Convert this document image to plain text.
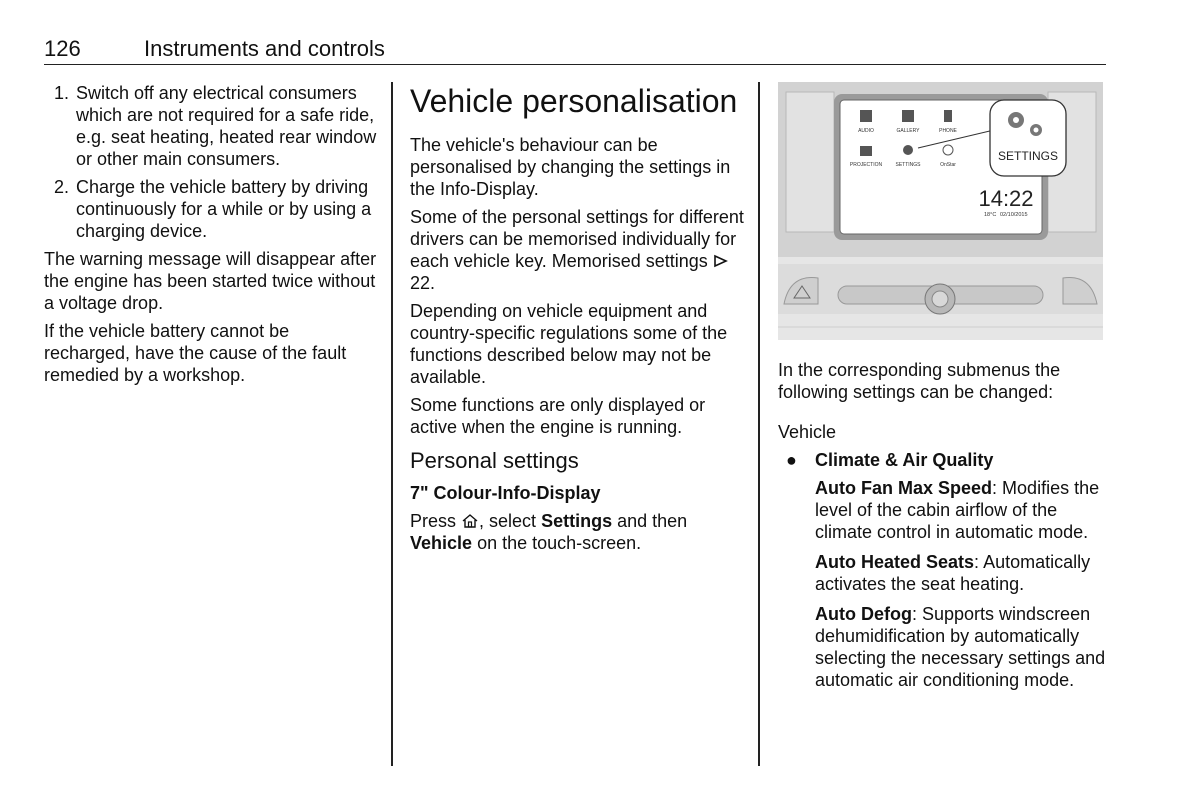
126	Instruments and controls
1. Switch off any electrical consumers which are not required for a safe ride, e.g. seat heating, heated rear window or other main consumers.
2. Charge the vehicle battery by driving continuously for a while or by using a charging device.

The warning message will disappear after the engine has been started twice without a voltage drop.

If the vehicle battery cannot be recharged, have the cause of the fault remedied by a workshop.

Vehicle personalisation

The vehicle's behaviour can be personalised by changing the settings in the Info-Display.

Some of the personal settings for different drivers can be memorised individually for each vehicle key. Memorised settings  22.

Depending on vehicle equipment and country-specific regulations some of the functions described below may not be available.

Some functions are only displayed or active when the engine is running.

Personal settings
7" Colour-Info-Display

Press , select Settings and then Vehicle on the touch-screen.

AUDIO	GALLERY	PHONE
PROJECTION	SETTINGS	OnStar
SETTINGS
14:22
18°C 02/10/2015

In the corresponding submenus the following settings can be changed:

Vehicle
● Climate & Air Quality

Auto Fan Max Speed: Modifies the level of the cabin airflow of the climate control in automatic mode.

Auto Heated Seats: Automatically activates the seat heating.

Auto Defog: Supports windscreen dehumidification by automatically selecting the necessary settings and automatic air conditioning mode.
